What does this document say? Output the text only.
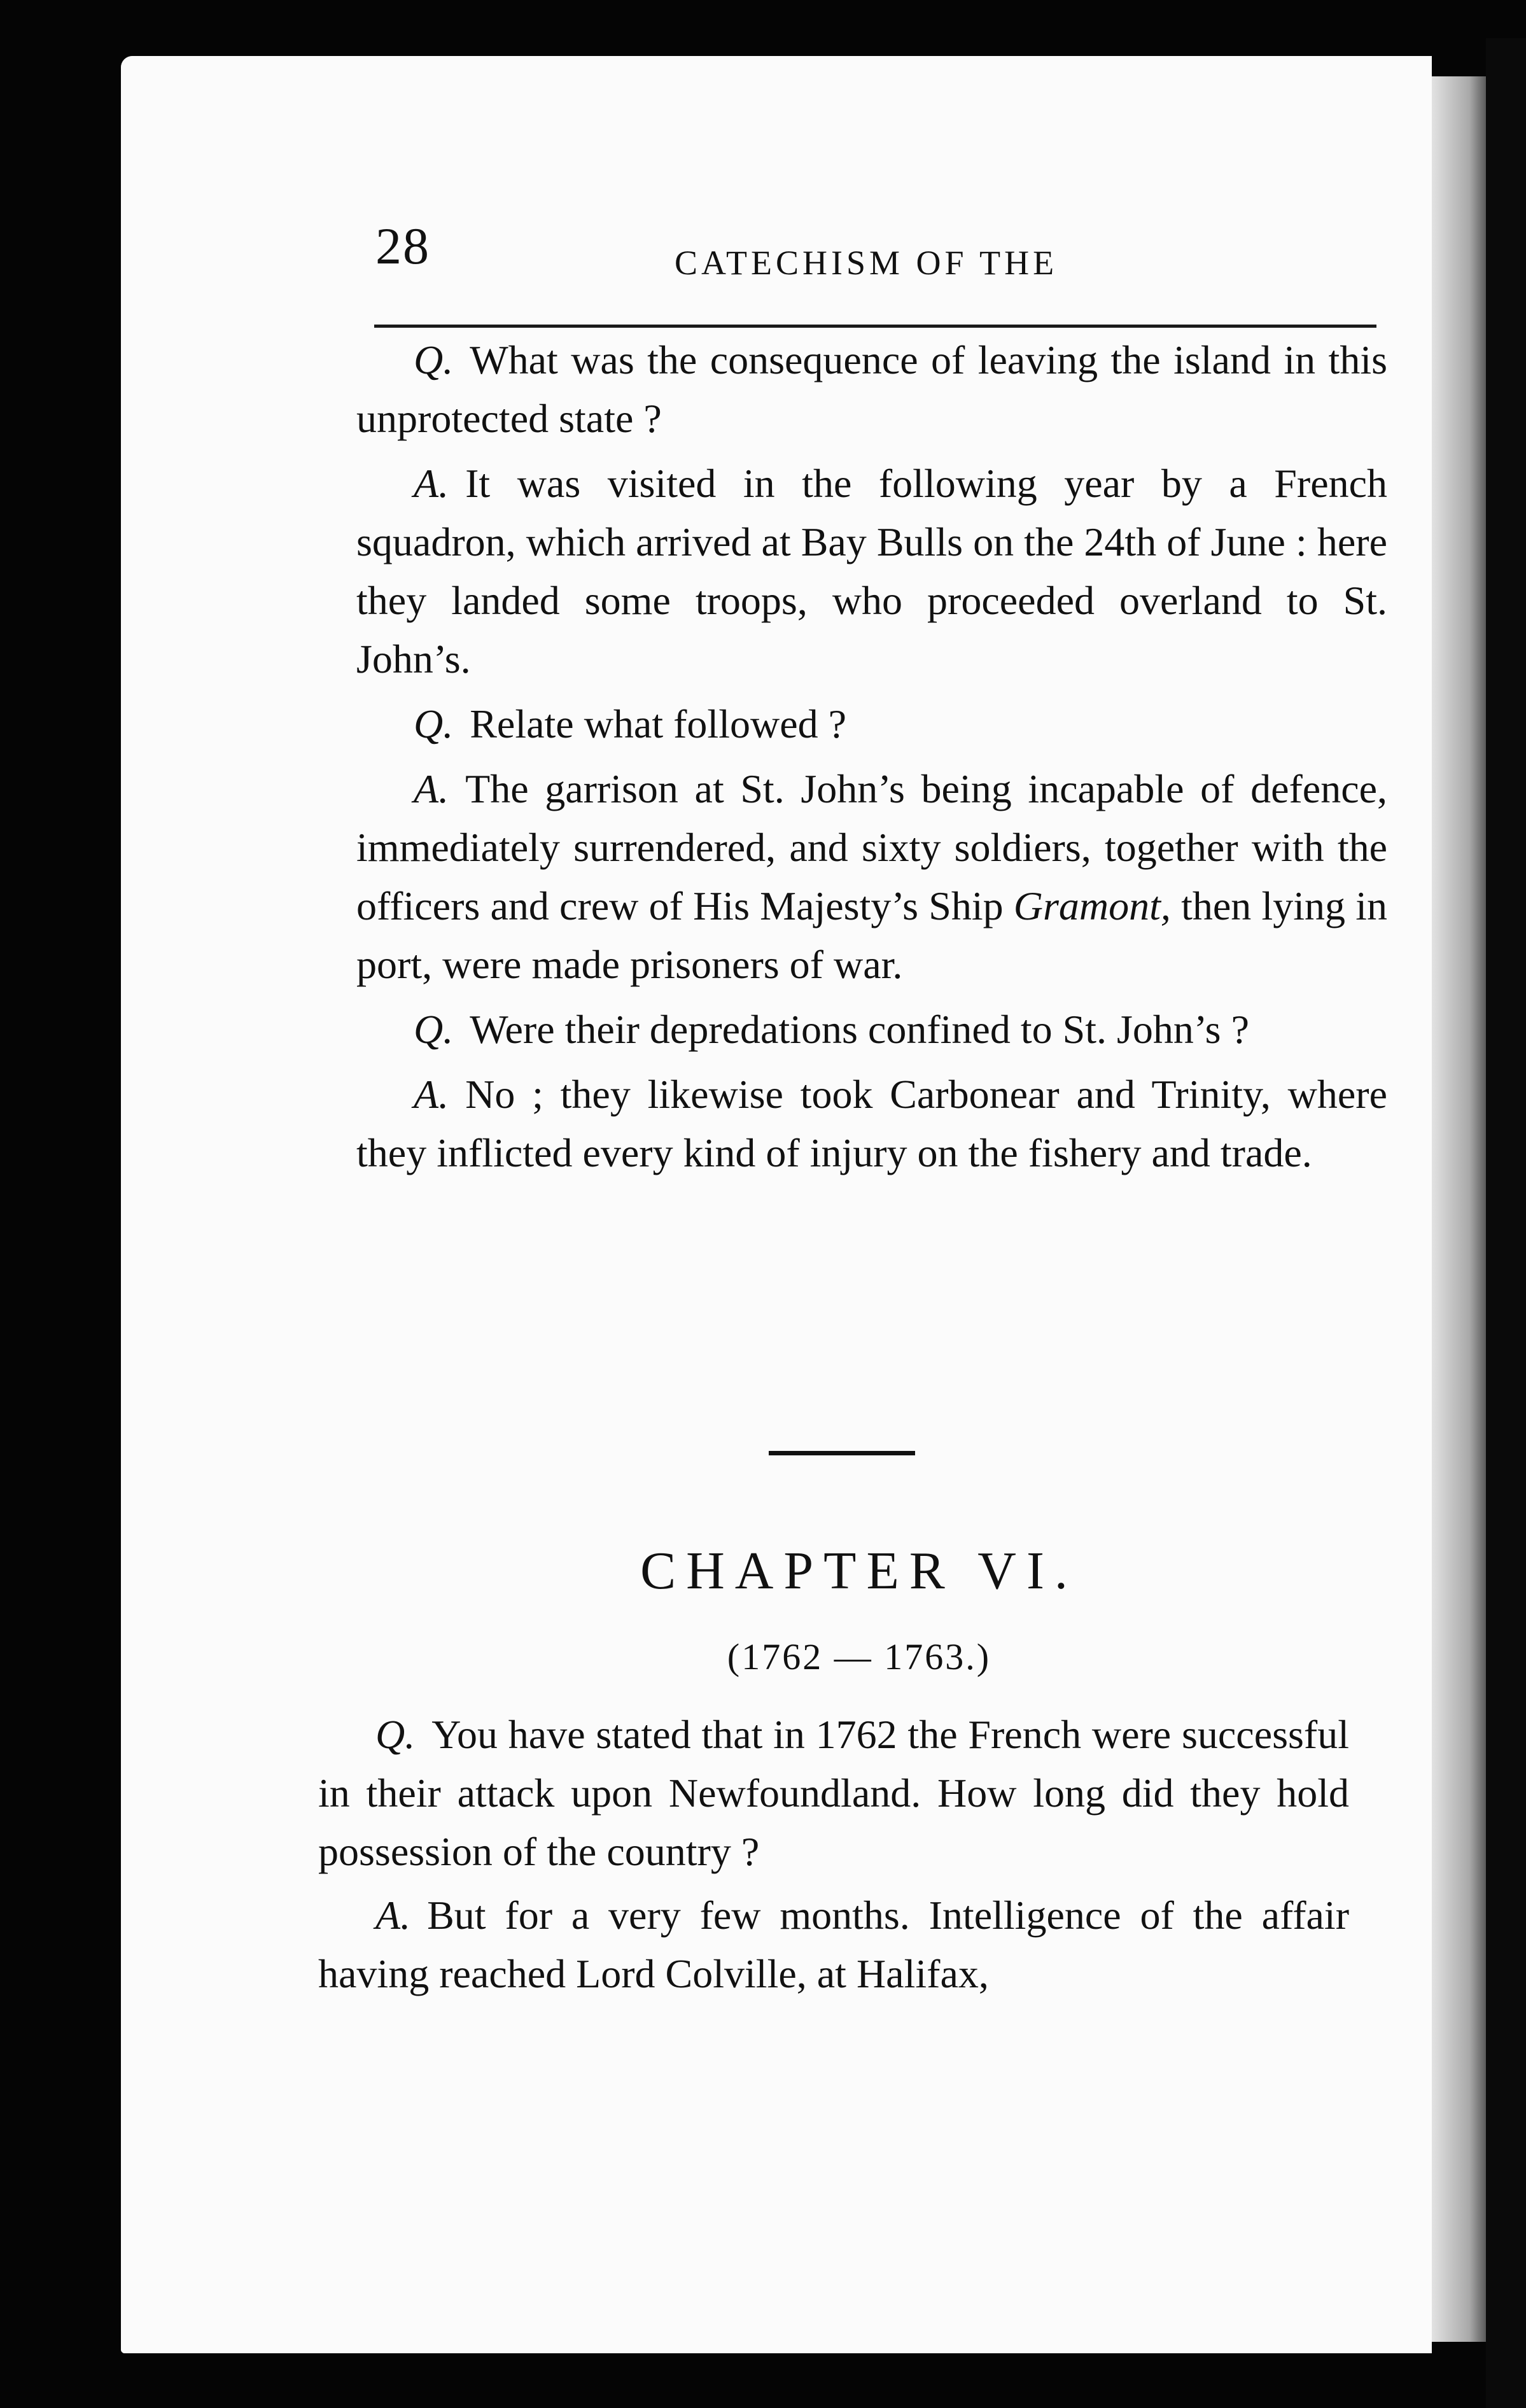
28	CATECHISM OF THE

Q. What was the consequence of leaving the island in this unprotected state ?

A. It was visited in the following year by a French squadron, which arrived at Bay Bulls on the 24th of June : here they landed some troops, who proceeded overland to St. John’s.

Q. Relate what followed ?

A. The garrison at St. John’s being incapable of defence, immediately surrendered, and sixty soldiers, together with the officers and crew of His Majesty’s Ship Gramont, then lying in port, were made prisoners of war.

Q. Were their depredations confined to St. John’s ?

A. No ; they likewise took Carbonear and Trinity, where they inflicted every kind of injury on the fishery and trade.

CHAPTER VI.
(1762 — 1763.)

Q. You have stated that in 1762 the French were successful in their attack upon Newfoundland. How long did they hold possession of the country ?

A. But for a very few months. Intelligence of the affair having reached Lord Colville, at Halifax,
